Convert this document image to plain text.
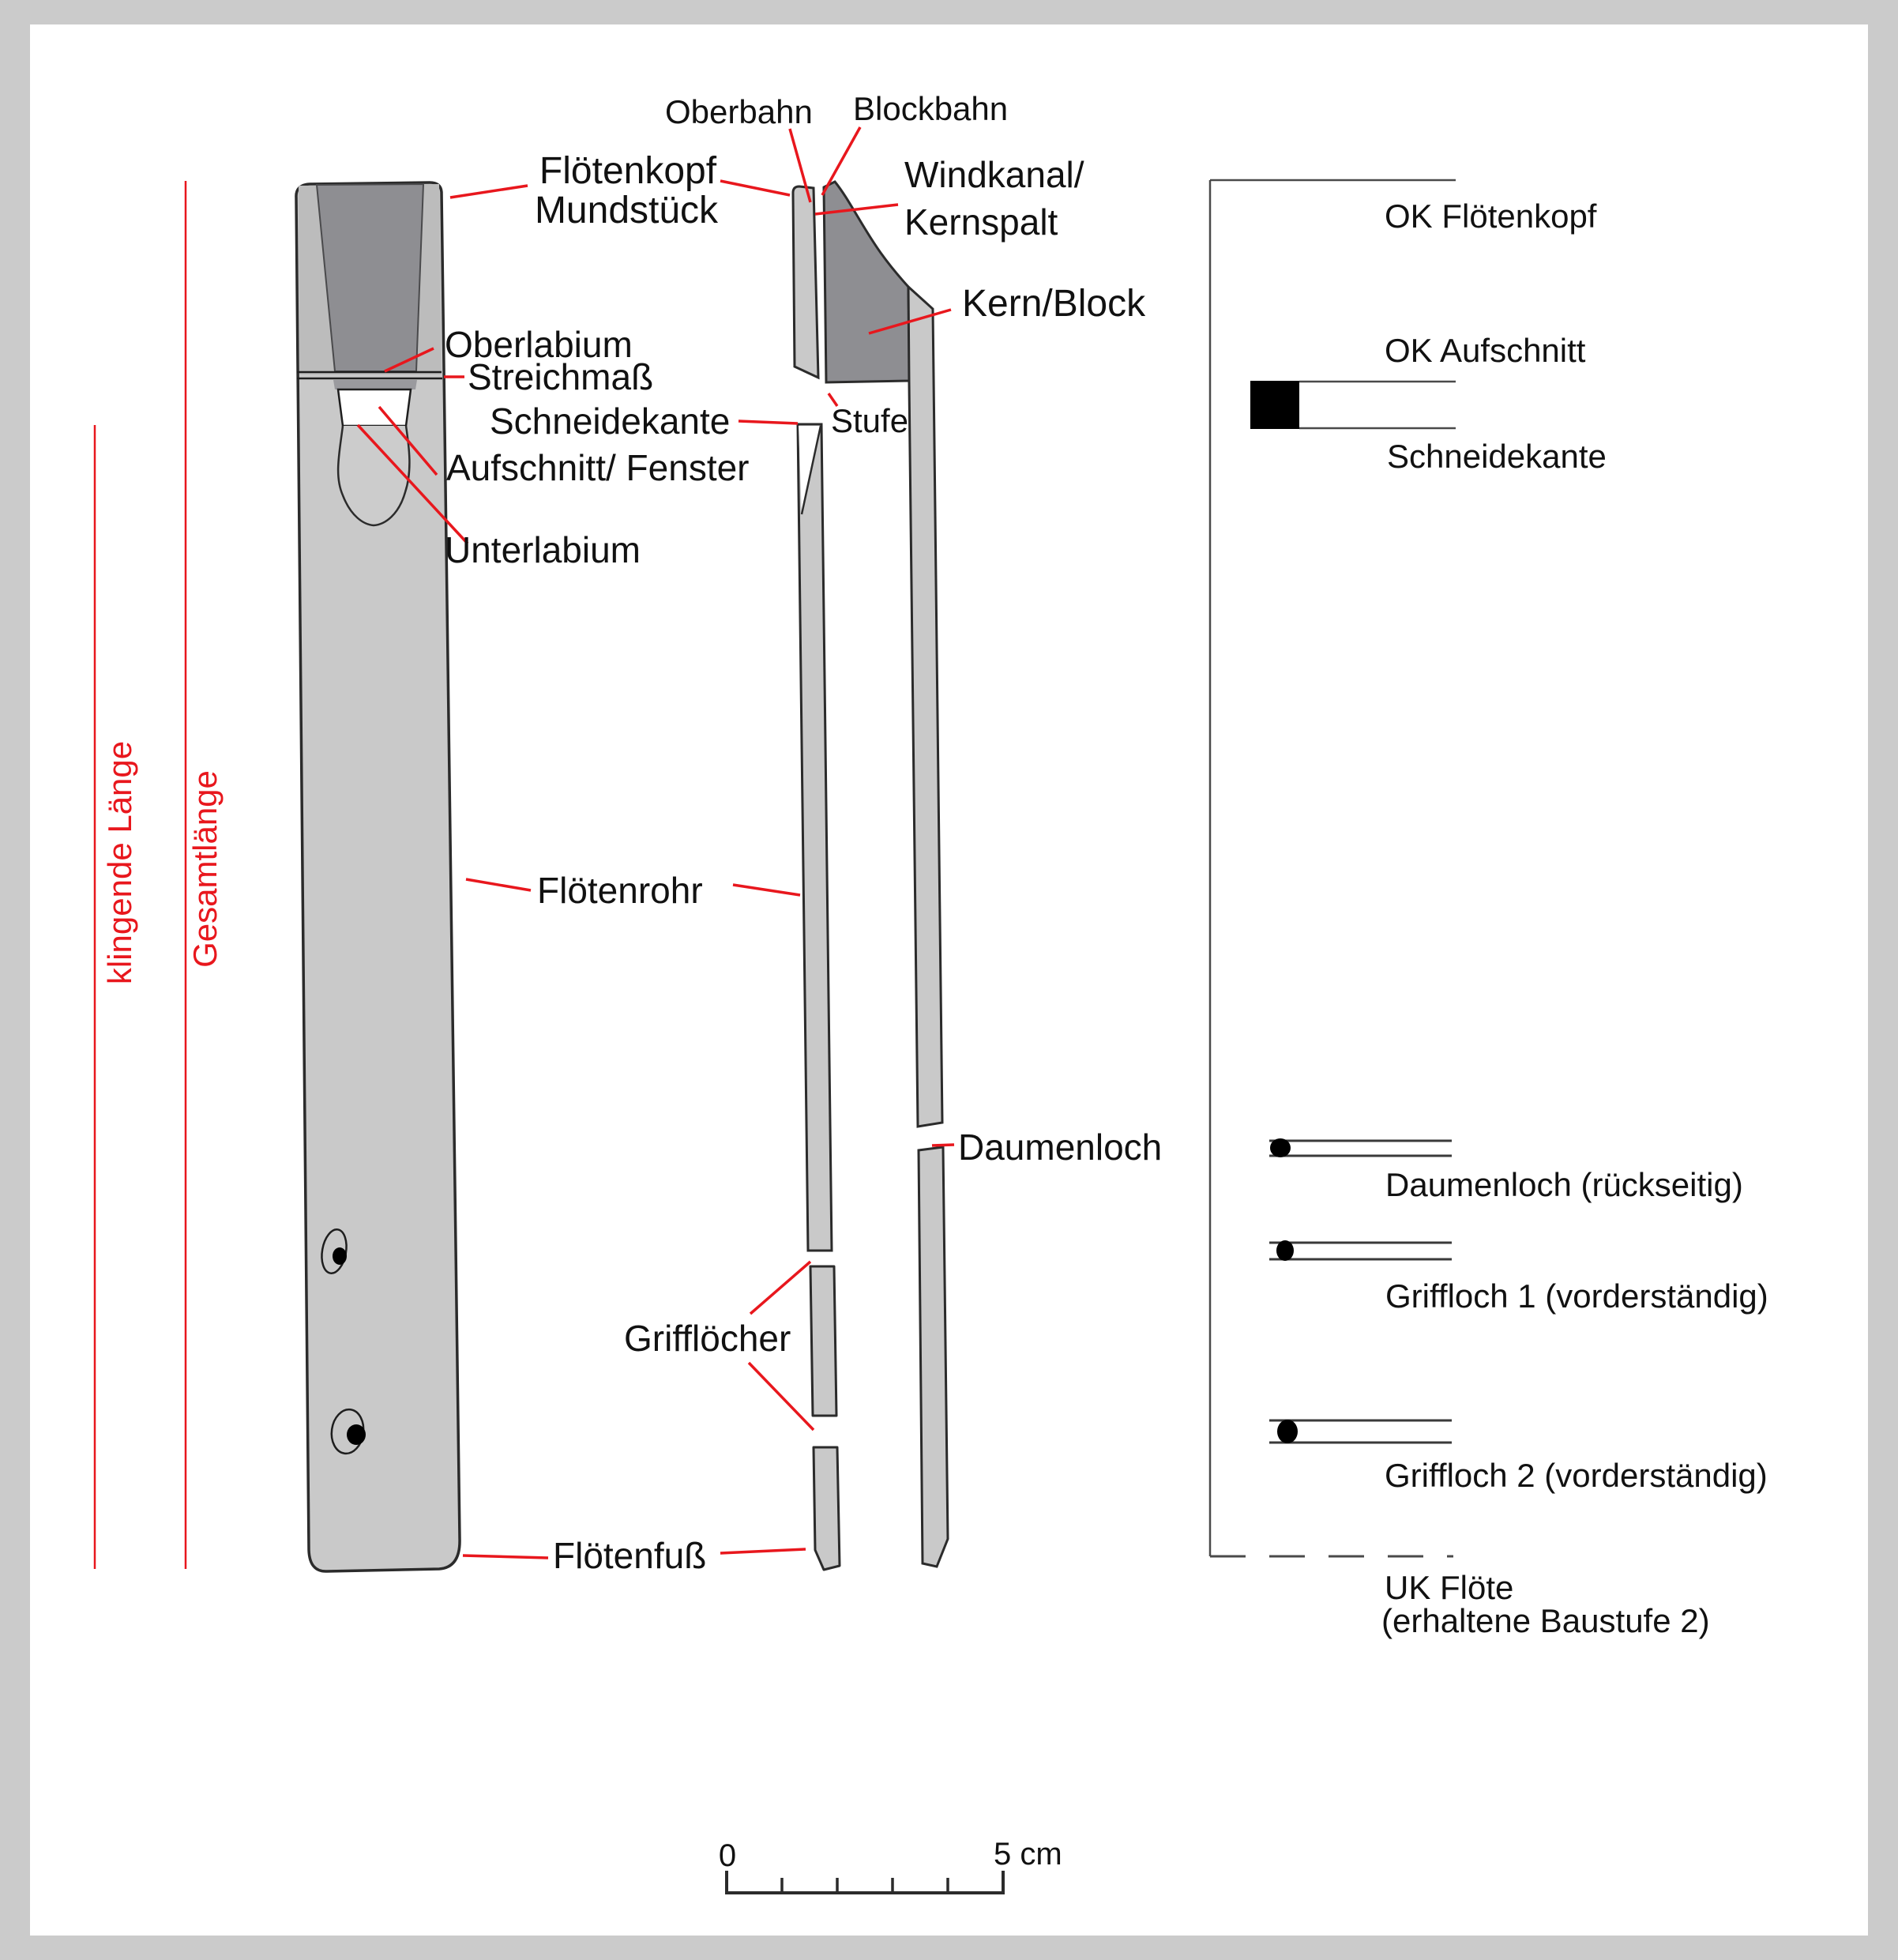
klingende Länge Gesamtlänge
Flötenkopf
Mundstück
Oberbahn Blockbahn
Windkanal/
Kernspalt
Kern/Block
Stufe
Oberlabium
Streichmaß
Schneidekante
Aufschnitt/ Fenster
Unterlabium
Flötenrohr
Daumenloch
Grifflöcher
Flötenfuß
OK Flötenkopf
OK Aufschnitt
Schneidekante
Daumenloch (rückseitig)
Griffloch 1 (vorderständig)
Griffloch 2 (vorderständig)
UK Flöte
(erhaltene Baustufe 2)
0	5 cm
